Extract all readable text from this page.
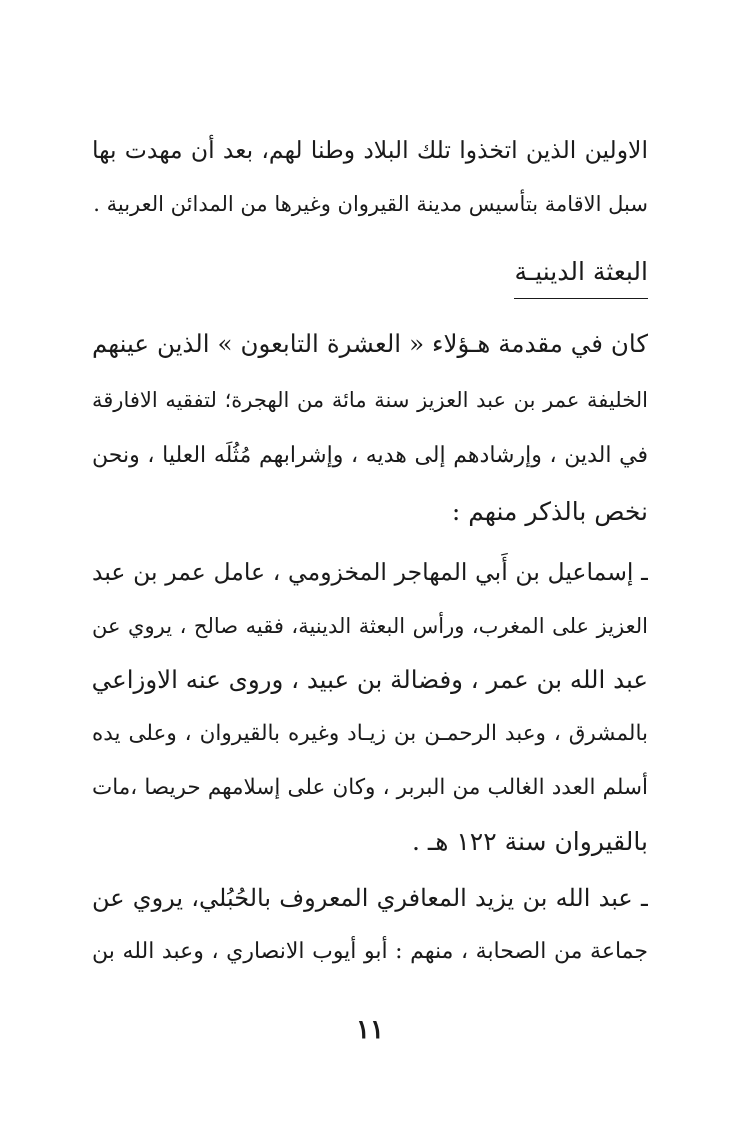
الاولين الذين اتخذوا تلك البلاد وطنا لهم، بعد أن مهدت بها
سبل الاقامة بتأسيس مدينة القيروان وغيرها من المدائن العربية .
البعثة الدينيـة
كان في مقدمة هـؤلاء « العشرة التابعون » الذين عينهم
الخليفة عمر بن عبد العزيز سنة مائة من الهجرة؛ لتفقيه الافارقة
في الدين ، وإرشادهم إلى هديه ، وإشرابهم مُثُلَه العليا ، ونحن
نخص بالذكر منهم :
ـ إسماعيل بن أَبي المهاجر المخزومي ، عامل عمر بن عبد
العزيز على المغرب، ورأس البعثة الدينية، فقيه صالح ، يروي عن
عبد الله بن عمر ، وفضالة بن عبيد ، وروى عنه الاوزاعي
بالمشرق ، وعبد الرحمـن بن زيـاد وغيره بالقيروان ، وعلى يده
أسلم العدد الغالب من البربر ، وكان على إسلامهم حريصا ،مات
بالقيروان سنة ١٢٢ هـ .
ـ عبد الله بن يزيد المعافري المعروف بالحُبُلي، يروي عن
جماعة من الصحابة ، منهم : أبو أيوب الانصاري ، وعبد الله بن
١١
